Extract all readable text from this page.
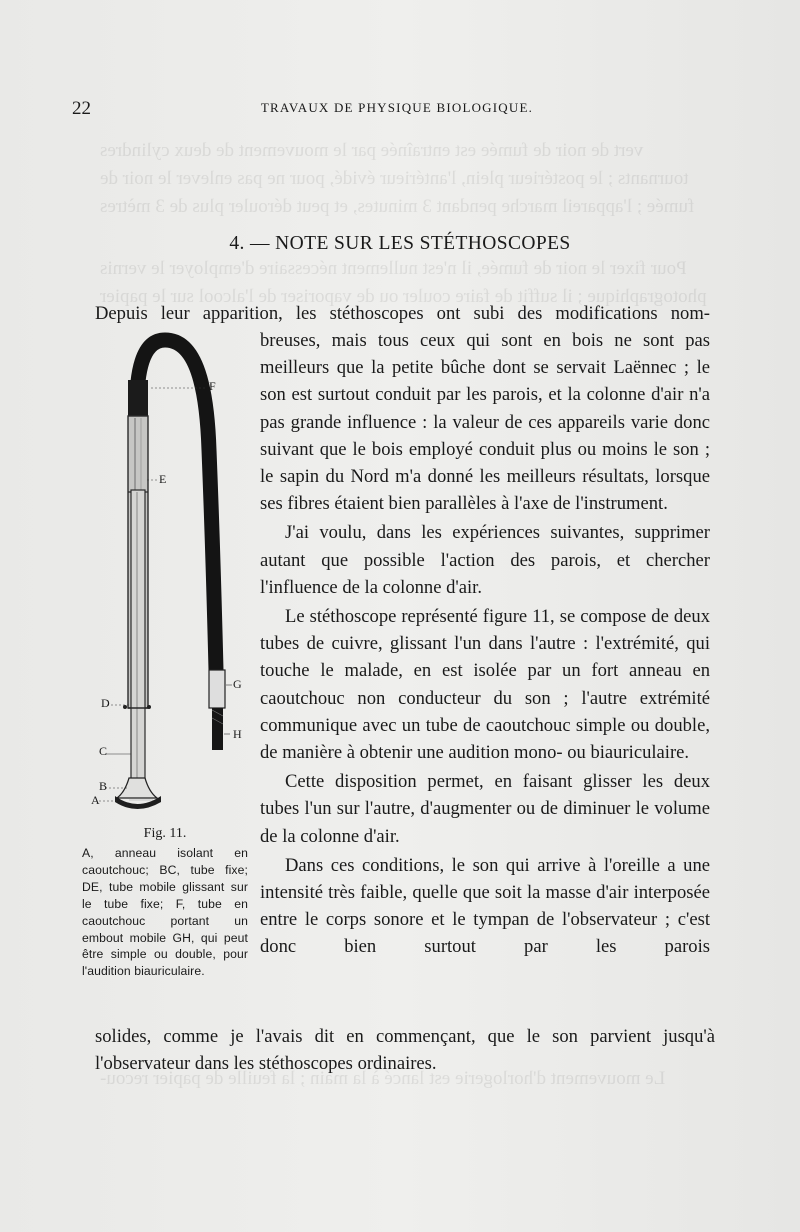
vert de noir de fumée est entraînée par le mouvement de deux cylindres
tournants ; le postérieur plein, l'antérieur évidé, pour ne pas enlever le noir de
fumée ; l'appareil marche pendant 3 minutes, et peut dérouler plus de 3 mètres
Pour fixer le noir de fumée, il n'est nullement nécessaire d'employer le vernis
photographique ; il suffit de faire couler ou de vaporiser de l'alcool sur le papier
Le mouvement d'horlogerie est lancé à la main ; la feuille de papier recou-
22	TRAVAUX DE PHYSIQUE BIOLOGIQUE.
4. — NOTE SUR LES STÉTHOSCOPES
Depuis leur apparition, les stéthoscopes ont subi des modifications nom-
F
E
D
G
H
C
B
A
Fig. 11.
A, anneau isolant en caoutchouc; BC, tube fixe; DE, tube mobile glissant sur le tube fixe; F, tube en caoutchouc portant un embout mobile GH, qui peut être simple ou double, pour l'audition biauriculaire.

breuses, mais tous ceux qui sont en bois ne sont pas meilleurs que la petite bûche dont se servait Laënnec ; le son est surtout conduit par les parois, et la colonne d'air n'a pas grande influence : la valeur de ces appareils varie donc suivant que le bois employé conduit plus ou moins le son ; le sapin du Nord m'a donné les meilleurs résultats, lorsque ses fibres étaient bien parallèles à l'axe de l'instrument.

J'ai voulu, dans les expériences suivantes, supprimer autant que possible l'action des parois, et chercher l'influence de la colonne d'air.

Le stéthoscope représenté figure 11, se compose de deux tubes de cuivre, glissant l'un dans l'autre : l'extrémité, qui touche le malade, en est isolée par un fort anneau en caoutchouc non conducteur du son ; l'autre extrémité communique avec un tube de caoutchouc simple ou double, de manière à obtenir une audition mono- ou biauriculaire.

Cette disposition permet, en faisant glisser les deux tubes l'un sur l'autre, d'augmenter ou de diminuer le volume de la colonne d'air.

Dans ces conditions, le son qui arrive à l'oreille a une intensité très faible, quelle que soit la masse d'air interposée entre le corps sonore et le tympan de l'observateur ; c'est donc bien surtout par les parois

solides, comme je l'avais dit en commençant, que le son parvient jusqu'à l'observateur dans les stéthoscopes ordinaires.
